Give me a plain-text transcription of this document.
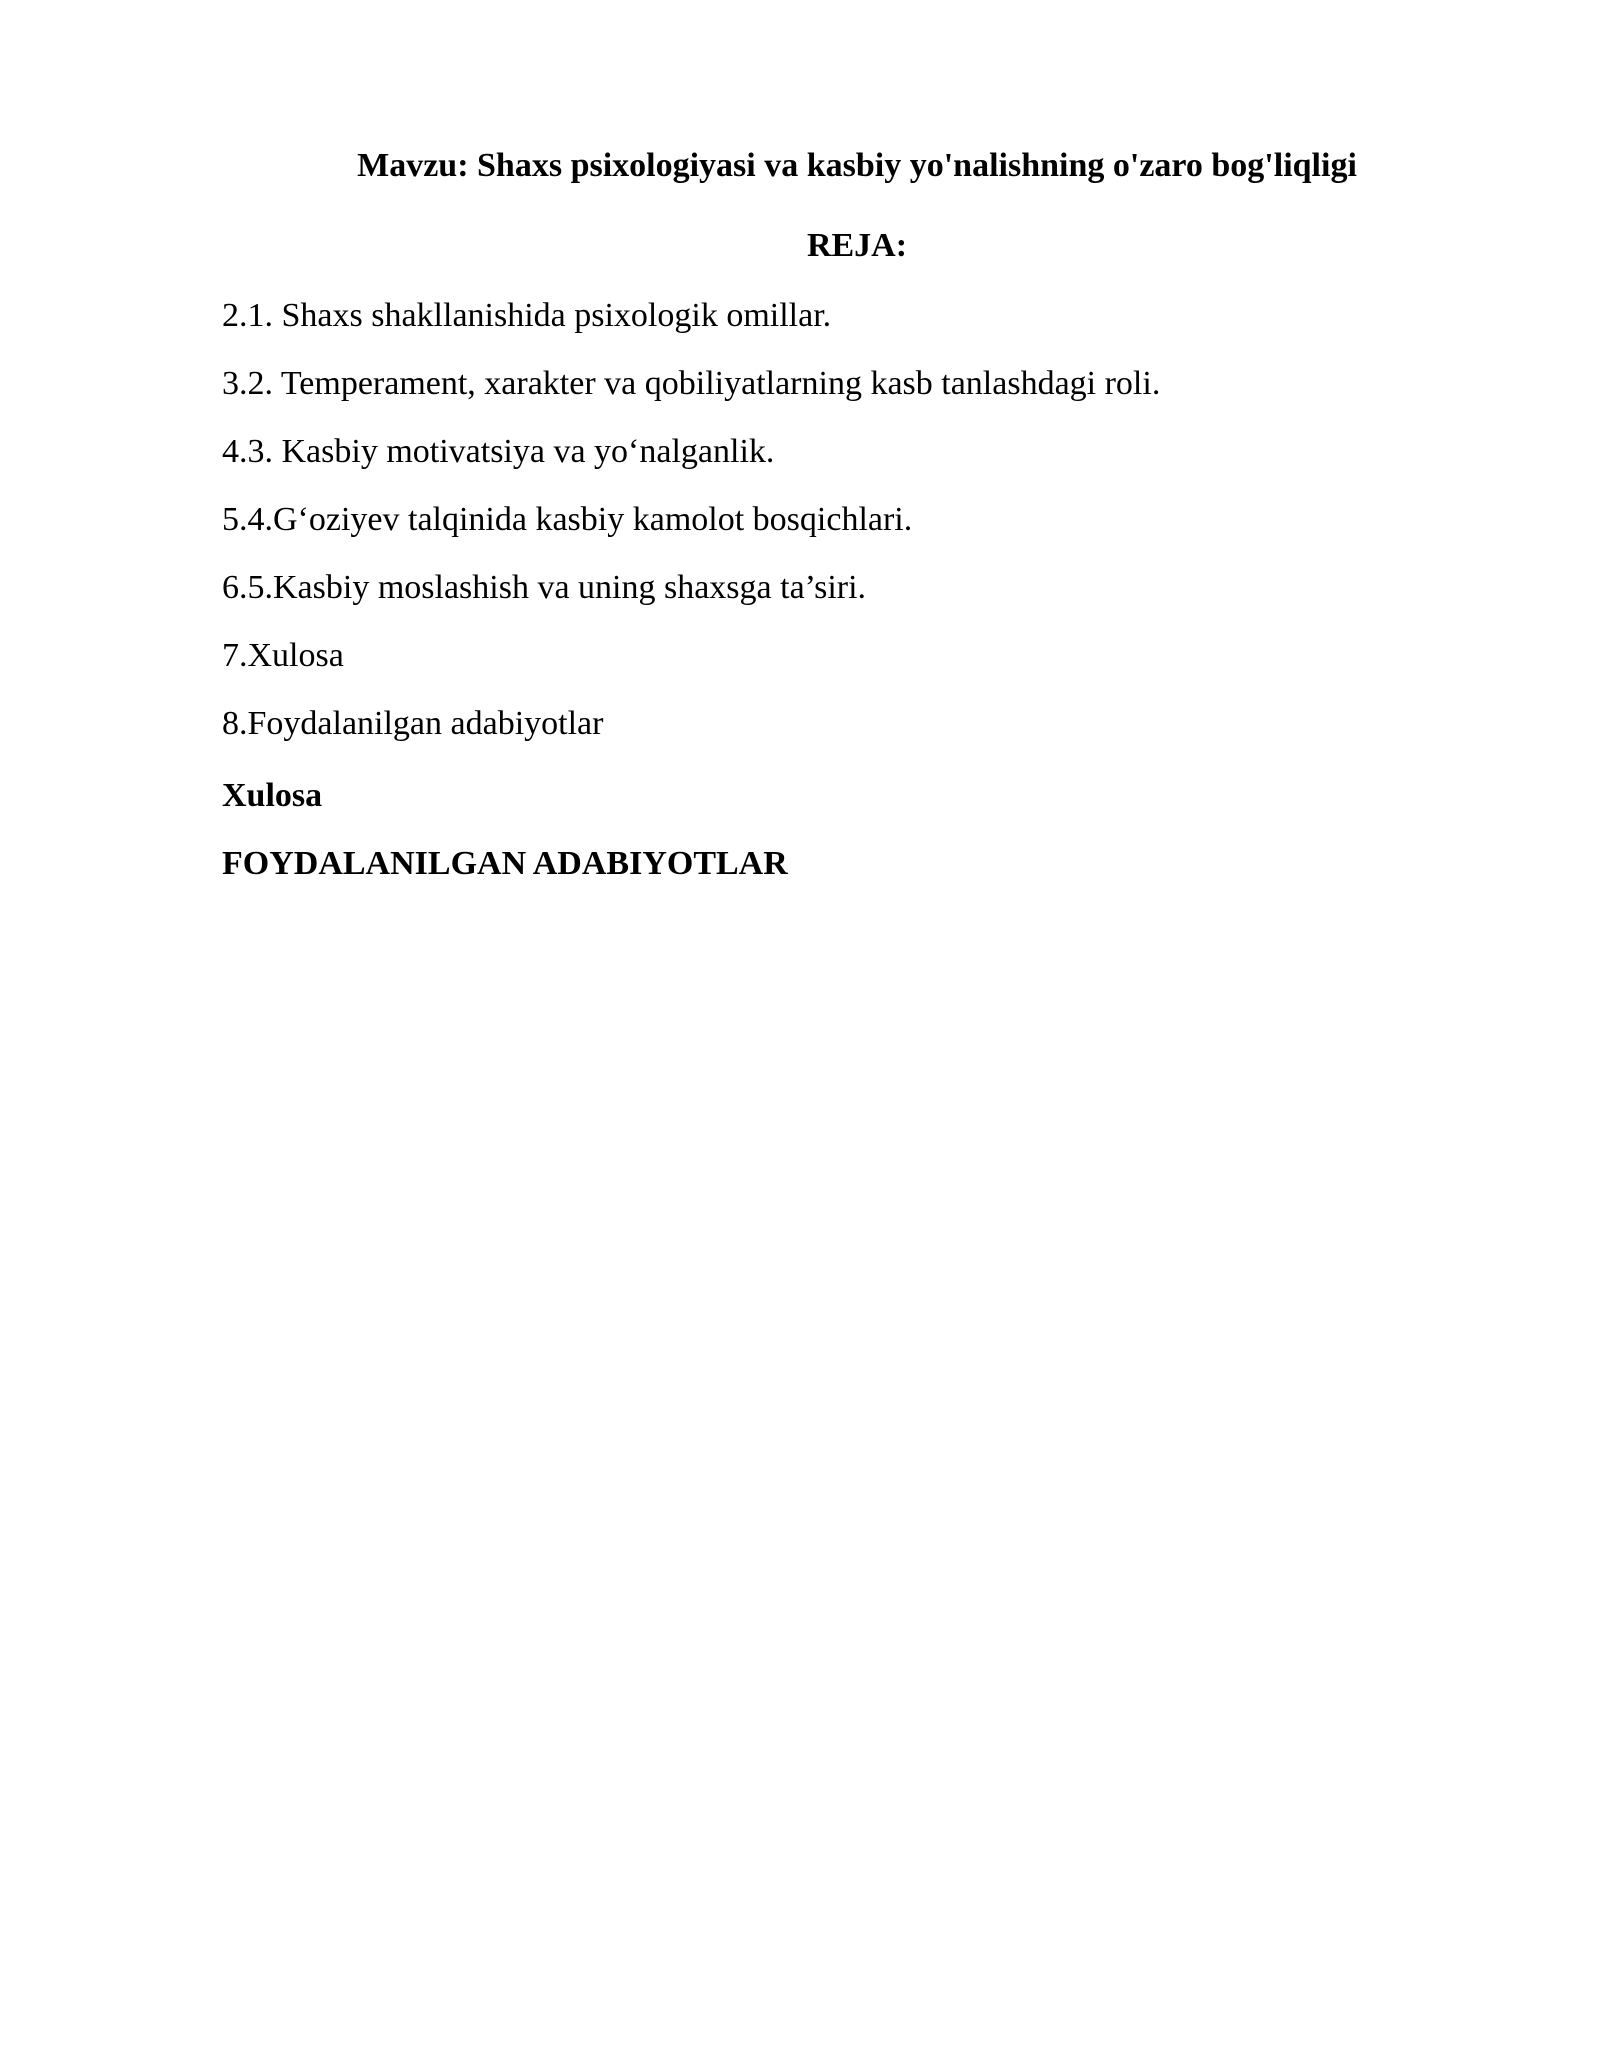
Mavzu: Shaxs psixologiyasi va kasbiy yo'nalishning o'zaro bog'liqligi
REJA:
2.1. Shaxs shakllanishida psixologik omillar.
3.2. Temperament, xarakter va qobiliyatlarning kasb tanlashdagi roli.
4.3. Kasbiy motivatsiya va yo‘nalganlik.
5.4.G‘oziyev talqinida kasbiy kamolot bosqichlari.
6.5.Kasbiy moslashish va uning shaxsga ta’siri.
7.Xulosa
8.Foydalanilgan adabiyotlar
Xulosa
FOYDALANILGAN ADABIYOTLAR
